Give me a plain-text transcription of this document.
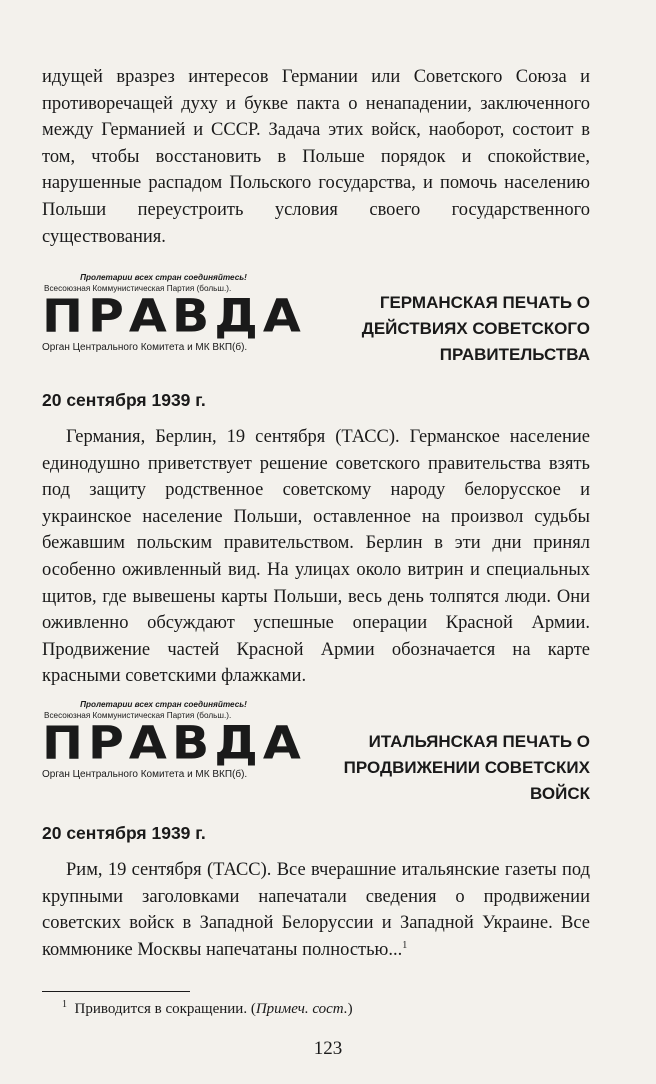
идущей вразрез интересов Германии или Советского Союза и противоречащей духу и букве пакта о ненападении, заключенного между Германией и СССР. Задача этих войск, наоборот, состоит в том, чтобы восстановить в Польше порядок и спокойствие, нарушенные распадом Польского государства, и помочь населению Польши переустроить условия своего государственного существования.

Пролетарии всех стран соединяйтесь!
Всесоюзная Коммунистическая Партия (больш.).
ПРАВДА
Орган Центрального Комитета и МК ВКП(б).
ГЕРМАНСКАЯ ПЕЧАТЬ О ДЕЙСТВИЯХ СОВЕТСКОГО ПРАВИТЕЛЬСТВА
20 сентября 1939 г.

Германия, Берлин, 19 сентября (ТАСС). Германское население единодушно приветствует решение советского правительства взять под защиту родственное советскому народу белорусское и украинское население Польши, оставленное на произвол судьбы бежавшим польским правительством. Берлин в эти дни принял особенно оживленный вид. На улицах около витрин и специальных щитов, где вывешены карты Польши, весь день толпятся люди. Они оживленно обсуждают успешные операции Красной Армии. Продвижение частей Красной Армии обозначается на карте красными советскими флажками.

Пролетарии всех стран соединяйтесь!
Всесоюзная Коммунистическая Партия (больш.).
ПРАВДА
Орган Центрального Комитета и МК ВКП(б).
ИТАЛЬЯНСКАЯ ПЕЧАТЬ О ПРОДВИЖЕНИИ СОВЕТСКИХ ВОЙСК
20 сентября 1939 г.

Рим, 19 сентября (ТАСС). Все вчерашние итальянские газеты под крупными заголовками напечатали сведения о продвижении советских войск в Западной Белоруссии и Западной Украине. Все коммюнике Москвы напечатаны полностью...$^1$

$^1$ Приводится в сокращении. (Примеч. сост.)
123
